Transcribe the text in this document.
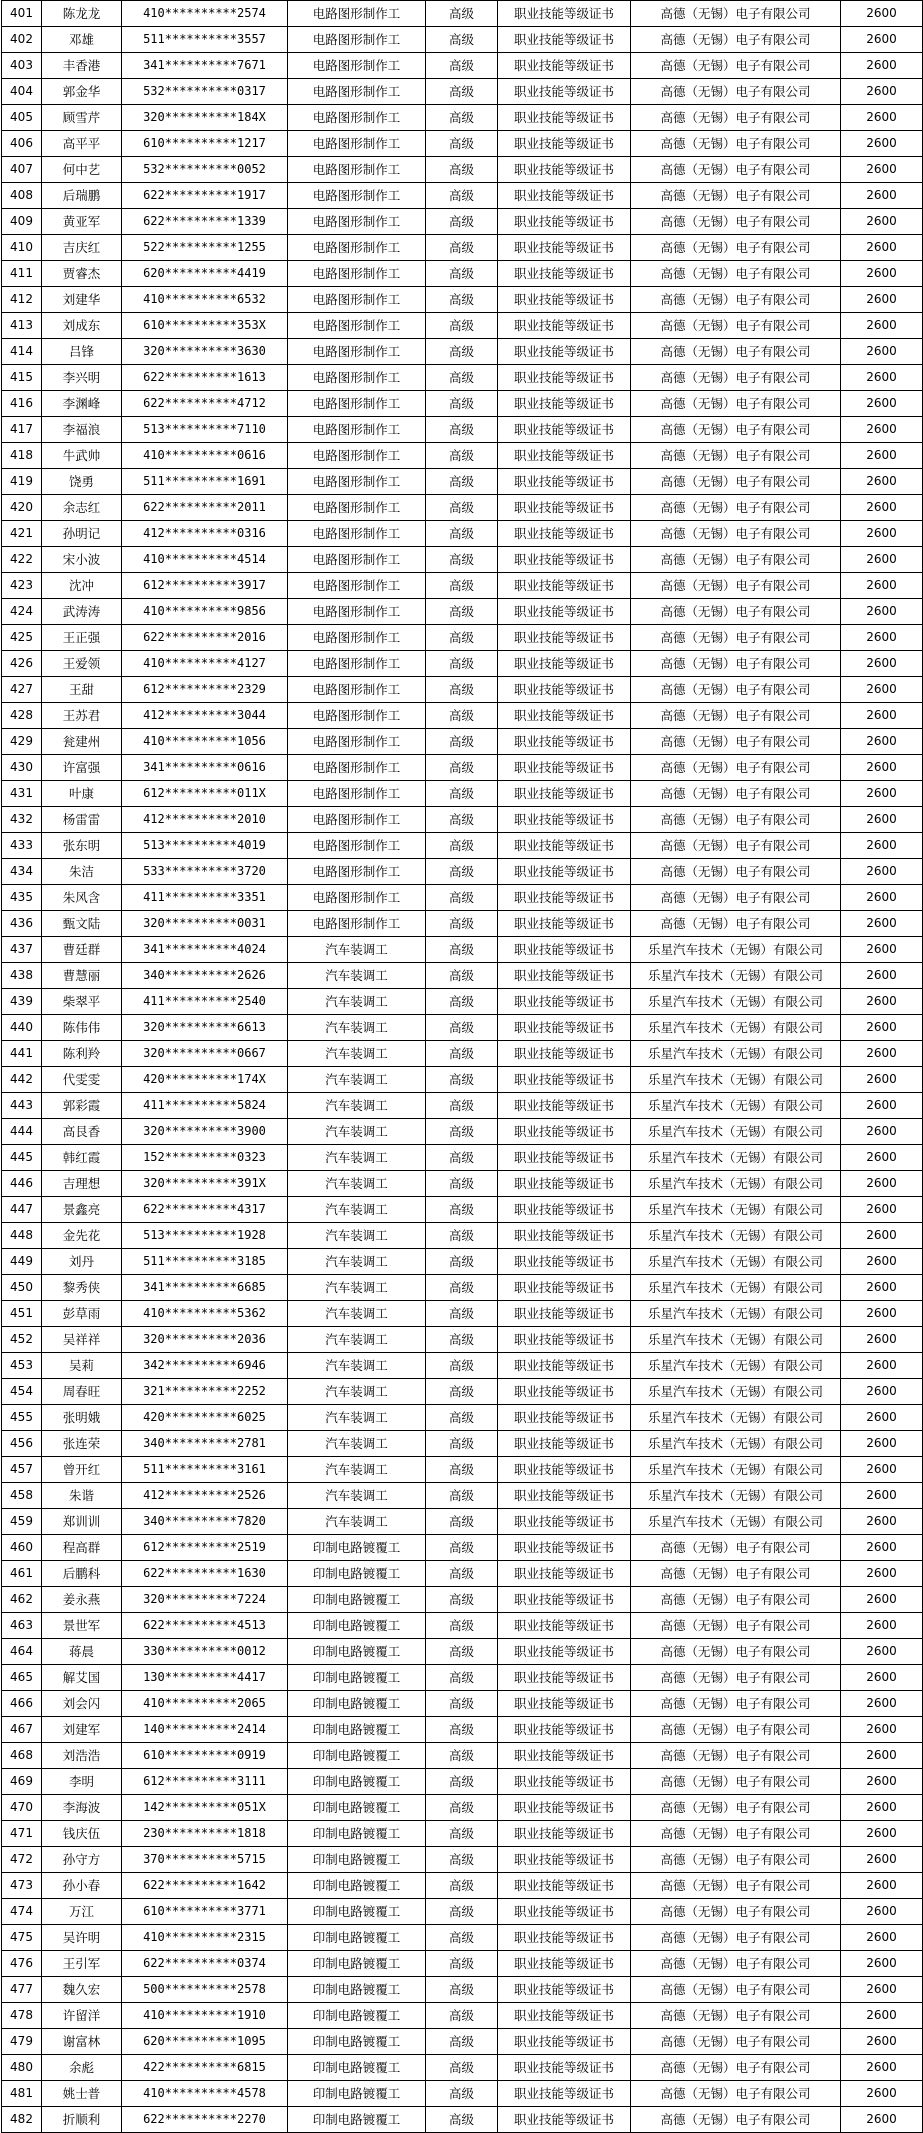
401	陈龙龙	410**********2574	电路图形制作工	高级	职业技能等级证书	高德（无锡）电子有限公司	2600
402	邓雄	511**********3557	电路图形制作工	高级	职业技能等级证书	高德（无锡）电子有限公司	2600
403	丰香港	341**********7671	电路图形制作工	高级	职业技能等级证书	高德（无锡）电子有限公司	2600
404	郭金华	532**********0317	电路图形制作工	高级	职业技能等级证书	高德（无锡）电子有限公司	2600
405	顾雪芹	320**********184X	电路图形制作工	高级	职业技能等级证书	高德（无锡）电子有限公司	2600
406	高平平	610**********1217	电路图形制作工	高级	职业技能等级证书	高德（无锡）电子有限公司	2600
407	何中艺	532**********0052	电路图形制作工	高级	职业技能等级证书	高德（无锡）电子有限公司	2600
408	后瑞鹏	622**********1917	电路图形制作工	高级	职业技能等级证书	高德（无锡）电子有限公司	2600
409	黄亚军	622**********1339	电路图形制作工	高级	职业技能等级证书	高德（无锡）电子有限公司	2600
410	吉庆红	522**********1255	电路图形制作工	高级	职业技能等级证书	高德（无锡）电子有限公司	2600
411	贾睿杰	620**********4419	电路图形制作工	高级	职业技能等级证书	高德（无锡）电子有限公司	2600
412	刘建华	410**********6532	电路图形制作工	高级	职业技能等级证书	高德（无锡）电子有限公司	2600
413	刘成东	610**********353X	电路图形制作工	高级	职业技能等级证书	高德（无锡）电子有限公司	2600
414	吕锋	320**********3630	电路图形制作工	高级	职业技能等级证书	高德（无锡）电子有限公司	2600
415	李兴明	622**********1613	电路图形制作工	高级	职业技能等级证书	高德（无锡）电子有限公司	2600
416	李渊峰	622**********4712	电路图形制作工	高级	职业技能等级证书	高德（无锡）电子有限公司	2600
417	李福浪	513**********7110	电路图形制作工	高级	职业技能等级证书	高德（无锡）电子有限公司	2600
418	牛武帅	410**********0616	电路图形制作工	高级	职业技能等级证书	高德（无锡）电子有限公司	2600
419	饶勇	511**********1691	电路图形制作工	高级	职业技能等级证书	高德（无锡）电子有限公司	2600
420	余志红	622**********2011	电路图形制作工	高级	职业技能等级证书	高德（无锡）电子有限公司	2600
421	孙明记	412**********0316	电路图形制作工	高级	职业技能等级证书	高德（无锡）电子有限公司	2600
422	宋小波	410**********4514	电路图形制作工	高级	职业技能等级证书	高德（无锡）电子有限公司	2600
423	沈冲	612**********3917	电路图形制作工	高级	职业技能等级证书	高德（无锡）电子有限公司	2600
424	武涛涛	410**********9856	电路图形制作工	高级	职业技能等级证书	高德（无锡）电子有限公司	2600
425	王正强	622**********2016	电路图形制作工	高级	职业技能等级证书	高德（无锡）电子有限公司	2600
426	王爱领	410**********4127	电路图形制作工	高级	职业技能等级证书	高德（无锡）电子有限公司	2600
427	王甜	612**********2329	电路图形制作工	高级	职业技能等级证书	高德（无锡）电子有限公司	2600
428	王苏君	412**********3044	电路图形制作工	高级	职业技能等级证书	高德（无锡）电子有限公司	2600
429	瓮建州	410**********1056	电路图形制作工	高级	职业技能等级证书	高德（无锡）电子有限公司	2600
430	许富强	341**********0616	电路图形制作工	高级	职业技能等级证书	高德（无锡）电子有限公司	2600
431	叶康	612**********011X	电路图形制作工	高级	职业技能等级证书	高德（无锡）电子有限公司	2600
432	杨雷雷	412**********2010	电路图形制作工	高级	职业技能等级证书	高德（无锡）电子有限公司	2600
433	张东明	513**********4019	电路图形制作工	高级	职业技能等级证书	高德（无锡）电子有限公司	2600
434	朱洁	533**********3720	电路图形制作工	高级	职业技能等级证书	高德（无锡）电子有限公司	2600
435	朱风含	411**********3351	电路图形制作工	高级	职业技能等级证书	高德（无锡）电子有限公司	2600
436	甄文陆	320**********0031	电路图形制作工	高级	职业技能等级证书	高德（无锡）电子有限公司	2600
437	曹廷群	341**********4024	汽车装调工	高级	职业技能等级证书	乐星汽车技术（无锡）有限公司	2600
438	曹慧丽	340**********2626	汽车装调工	高级	职业技能等级证书	乐星汽车技术（无锡）有限公司	2600
439	柴翠平	411**********2540	汽车装调工	高级	职业技能等级证书	乐星汽车技术（无锡）有限公司	2600
440	陈伟伟	320**********6613	汽车装调工	高级	职业技能等级证书	乐星汽车技术（无锡）有限公司	2600
441	陈利羚	320**********0667	汽车装调工	高级	职业技能等级证书	乐星汽车技术（无锡）有限公司	2600
442	代雯雯	420**********174X	汽车装调工	高级	职业技能等级证书	乐星汽车技术（无锡）有限公司	2600
443	郭彩霞	411**********5824	汽车装调工	高级	职业技能等级证书	乐星汽车技术（无锡）有限公司	2600
444	高艮香	320**********3900	汽车装调工	高级	职业技能等级证书	乐星汽车技术（无锡）有限公司	2600
445	韩红霞	152**********0323	汽车装调工	高级	职业技能等级证书	乐星汽车技术（无锡）有限公司	2600
446	吉理想	320**********391X	汽车装调工	高级	职业技能等级证书	乐星汽车技术（无锡）有限公司	2600
447	景鑫亮	622**********4317	汽车装调工	高级	职业技能等级证书	乐星汽车技术（无锡）有限公司	2600
448	金先花	513**********1928	汽车装调工	高级	职业技能等级证书	乐星汽车技术（无锡）有限公司	2600
449	刘丹	511**********3185	汽车装调工	高级	职业技能等级证书	乐星汽车技术（无锡）有限公司	2600
450	黎秀侠	341**********6685	汽车装调工	高级	职业技能等级证书	乐星汽车技术（无锡）有限公司	2600
451	彭草雨	410**********5362	汽车装调工	高级	职业技能等级证书	乐星汽车技术（无锡）有限公司	2600
452	吴祥祥	320**********2036	汽车装调工	高级	职业技能等级证书	乐星汽车技术（无锡）有限公司	2600
453	吴莉	342**********6946	汽车装调工	高级	职业技能等级证书	乐星汽车技术（无锡）有限公司	2600
454	周春旺	321**********2252	汽车装调工	高级	职业技能等级证书	乐星汽车技术（无锡）有限公司	2600
455	张明娥	420**********6025	汽车装调工	高级	职业技能等级证书	乐星汽车技术（无锡）有限公司	2600
456	张连荣	340**********2781	汽车装调工	高级	职业技能等级证书	乐星汽车技术（无锡）有限公司	2600
457	曾开红	511**********3161	汽车装调工	高级	职业技能等级证书	乐星汽车技术（无锡）有限公司	2600
458	朱谐	412**********2526	汽车装调工	高级	职业技能等级证书	乐星汽车技术（无锡）有限公司	2600
459	郑训训	340**********7820	汽车装调工	高级	职业技能等级证书	乐星汽车技术（无锡）有限公司	2600
460	程高群	612**********2519	印制电路镀覆工	高级	职业技能等级证书	高德（无锡）电子有限公司	2600
461	后鹏科	622**********1630	印制电路镀覆工	高级	职业技能等级证书	高德（无锡）电子有限公司	2600
462	姜永燕	320**********7224	印制电路镀覆工	高级	职业技能等级证书	高德（无锡）电子有限公司	2600
463	景世军	622**********4513	印制电路镀覆工	高级	职业技能等级证书	高德（无锡）电子有限公司	2600
464	蒋晨	330**********0012	印制电路镀覆工	高级	职业技能等级证书	高德（无锡）电子有限公司	2600
465	解艾国	130**********4417	印制电路镀覆工	高级	职业技能等级证书	高德（无锡）电子有限公司	2600
466	刘会闪	410**********2065	印制电路镀覆工	高级	职业技能等级证书	高德（无锡）电子有限公司	2600
467	刘建军	140**********2414	印制电路镀覆工	高级	职业技能等级证书	高德（无锡）电子有限公司	2600
468	刘浩浩	610**********0919	印制电路镀覆工	高级	职业技能等级证书	高德（无锡）电子有限公司	2600
469	李明	612**********3111	印制电路镀覆工	高级	职业技能等级证书	高德（无锡）电子有限公司	2600
470	李海波	142**********051X	印制电路镀覆工	高级	职业技能等级证书	高德（无锡）电子有限公司	2600
471	钱庆伍	230**********1818	印制电路镀覆工	高级	职业技能等级证书	高德（无锡）电子有限公司	2600
472	孙守方	370**********5715	印制电路镀覆工	高级	职业技能等级证书	高德（无锡）电子有限公司	2600
473	孙小春	622**********1642	印制电路镀覆工	高级	职业技能等级证书	高德（无锡）电子有限公司	2600
474	万江	610**********3771	印制电路镀覆工	高级	职业技能等级证书	高德（无锡）电子有限公司	2600
475	吴许明	410**********2315	印制电路镀覆工	高级	职业技能等级证书	高德（无锡）电子有限公司	2600
476	王引军	622**********0374	印制电路镀覆工	高级	职业技能等级证书	高德（无锡）电子有限公司	2600
477	魏久宏	500**********2578	印制电路镀覆工	高级	职业技能等级证书	高德（无锡）电子有限公司	2600
478	许留洋	410**********1910	印制电路镀覆工	高级	职业技能等级证书	高德（无锡）电子有限公司	2600
479	谢富林	620**********1095	印制电路镀覆工	高级	职业技能等级证书	高德（无锡）电子有限公司	2600
480	余彪	422**********6815	印制电路镀覆工	高级	职业技能等级证书	高德（无锡）电子有限公司	2600
481	姚士普	410**********4578	印制电路镀覆工	高级	职业技能等级证书	高德（无锡）电子有限公司	2600
482	折顺利	622**********2270	印制电路镀覆工	高级	职业技能等级证书	高德（无锡）电子有限公司	2600
